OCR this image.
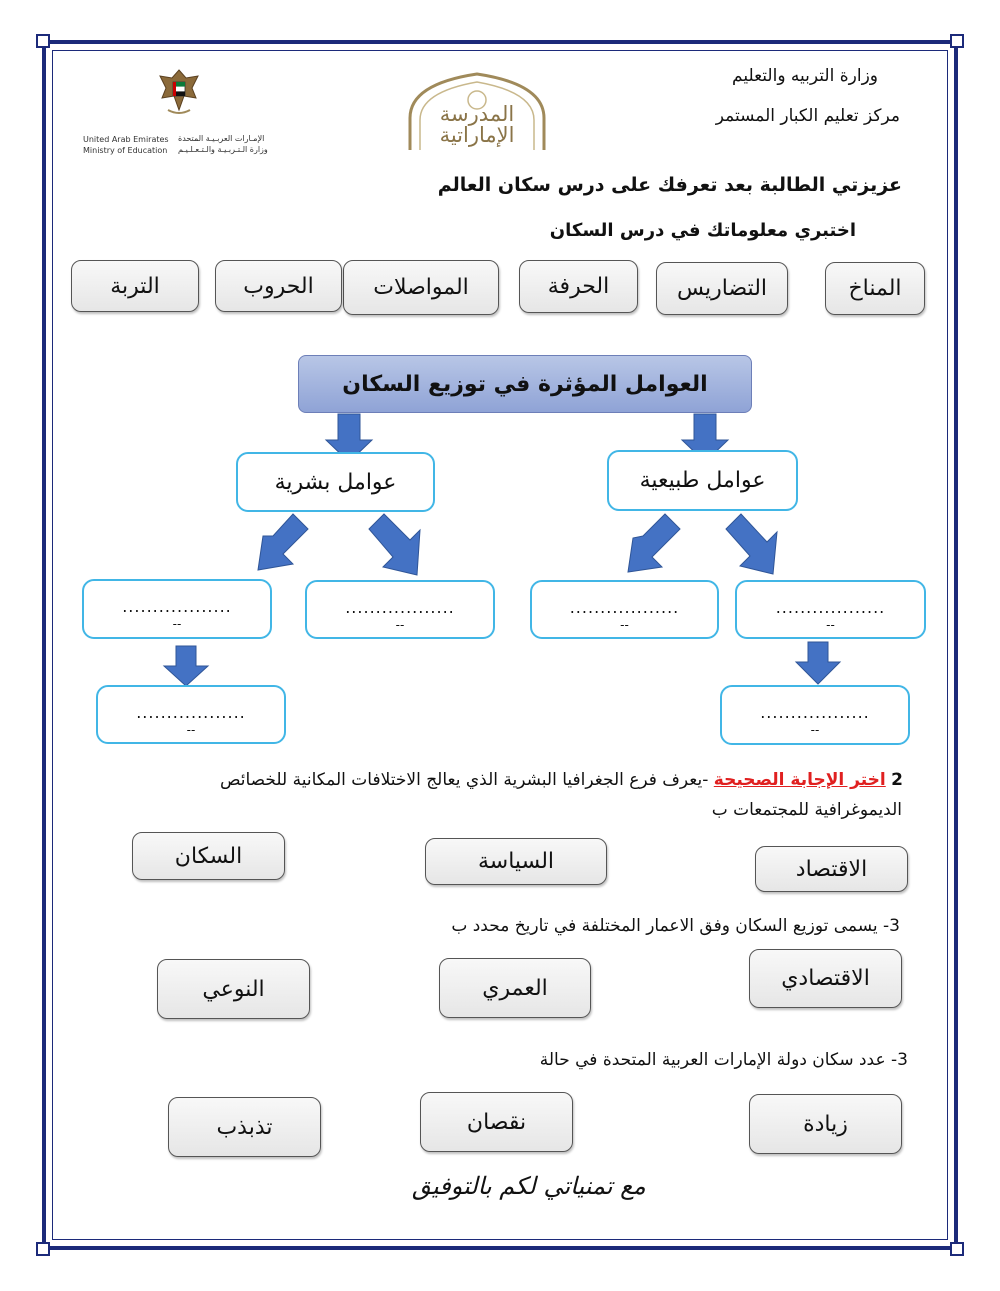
وزارة التربيه والتعليم
مركز تعليم الكبار المستمر
United Arab Emirates
Ministry of Education
الإمـارات العربـيـة المتحدة
وزارة الـتـربـيـة والـتـعـلـيـم
المدرسة الإماراتية
عزيزتي الطالبة بعد تعرفك على درس سكان العالم
اختبري معلوماتك في درس السكان
المناخ
التضاريس
الحرفة
المواصلات
الحروب
التربة
العوامل المؤثرة في توزيع السكان
عوامل طبيعية
عوامل بشرية
..................
--
..................
--
..................
--
..................
--
..................
--
..................
--
2 اختر الإجابة الصحيحة -يعرف فرع الجغرافيا البشرية الذي يعالج الاختلافات المكانية للخصائص
الديموغرافية للمجتمعات ب
الاقتصاد
السياسة
السكان
3- يسمى توزيع السكان وفق الاعمار المختلفة في تاريخ محدد ب
الاقتصادي
العمري
النوعي
3- عدد سكان دولة الإمارات العربية المتحدة في حالة
زيادة
نقصان
تذبذب
مع تمنياتي لكم بالتوفيق
